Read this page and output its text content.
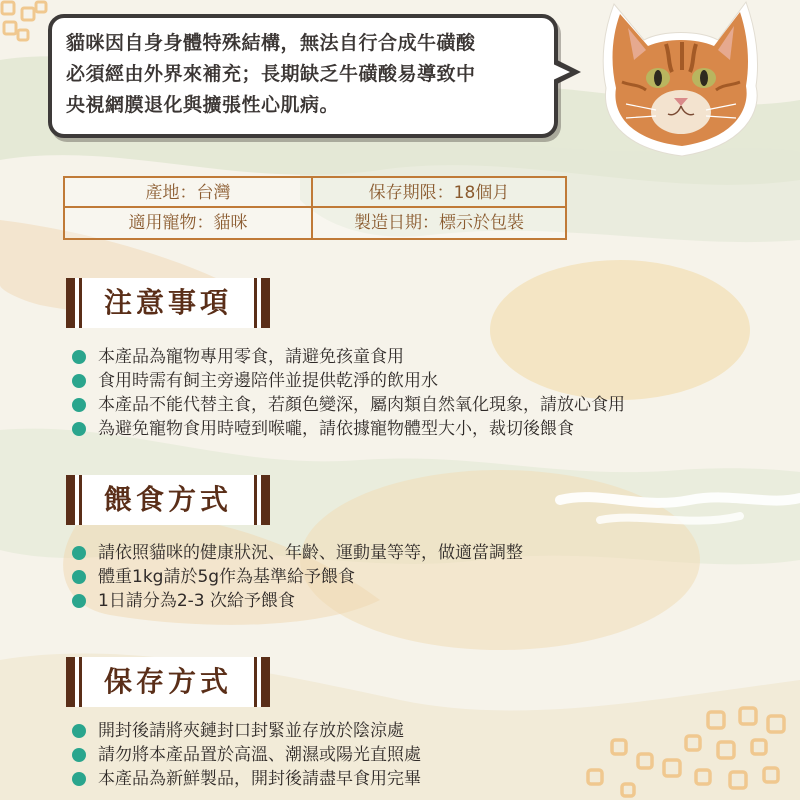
貓咪因自身身體特殊結構，無法自行合成牛磺酸
必須經由外界來補充；長期缺乏牛磺酸易導致中
央視網膜退化與擴張性心肌病。
產地：台灣	保存期限：18個月
適用寵物：貓咪	製造日期：標示於包裝
注意事項
本產品為寵物專用零食，請避免孩童食用
食用時需有飼主旁邊陪伴並提供乾淨的飲用水
本產品不能代替主食，若顏色變深，屬肉類自然氧化現象，請放心食用
為避免寵物食用時噎到喉嚨，請依據寵物體型大小，裁切後餵食
餵食方式
請依照貓咪的健康狀況、年齡、運動量等等，做適當調整
體重1kg請於5g作為基準給予餵食
1日請分為2-3 次給予餵食
保存方式
開封後請將夾鏈封口封緊並存放於陰涼處
請勿將本產品置於高溫、潮濕或陽光直照處
本產品為新鮮製品，開封後請盡早食用完畢
